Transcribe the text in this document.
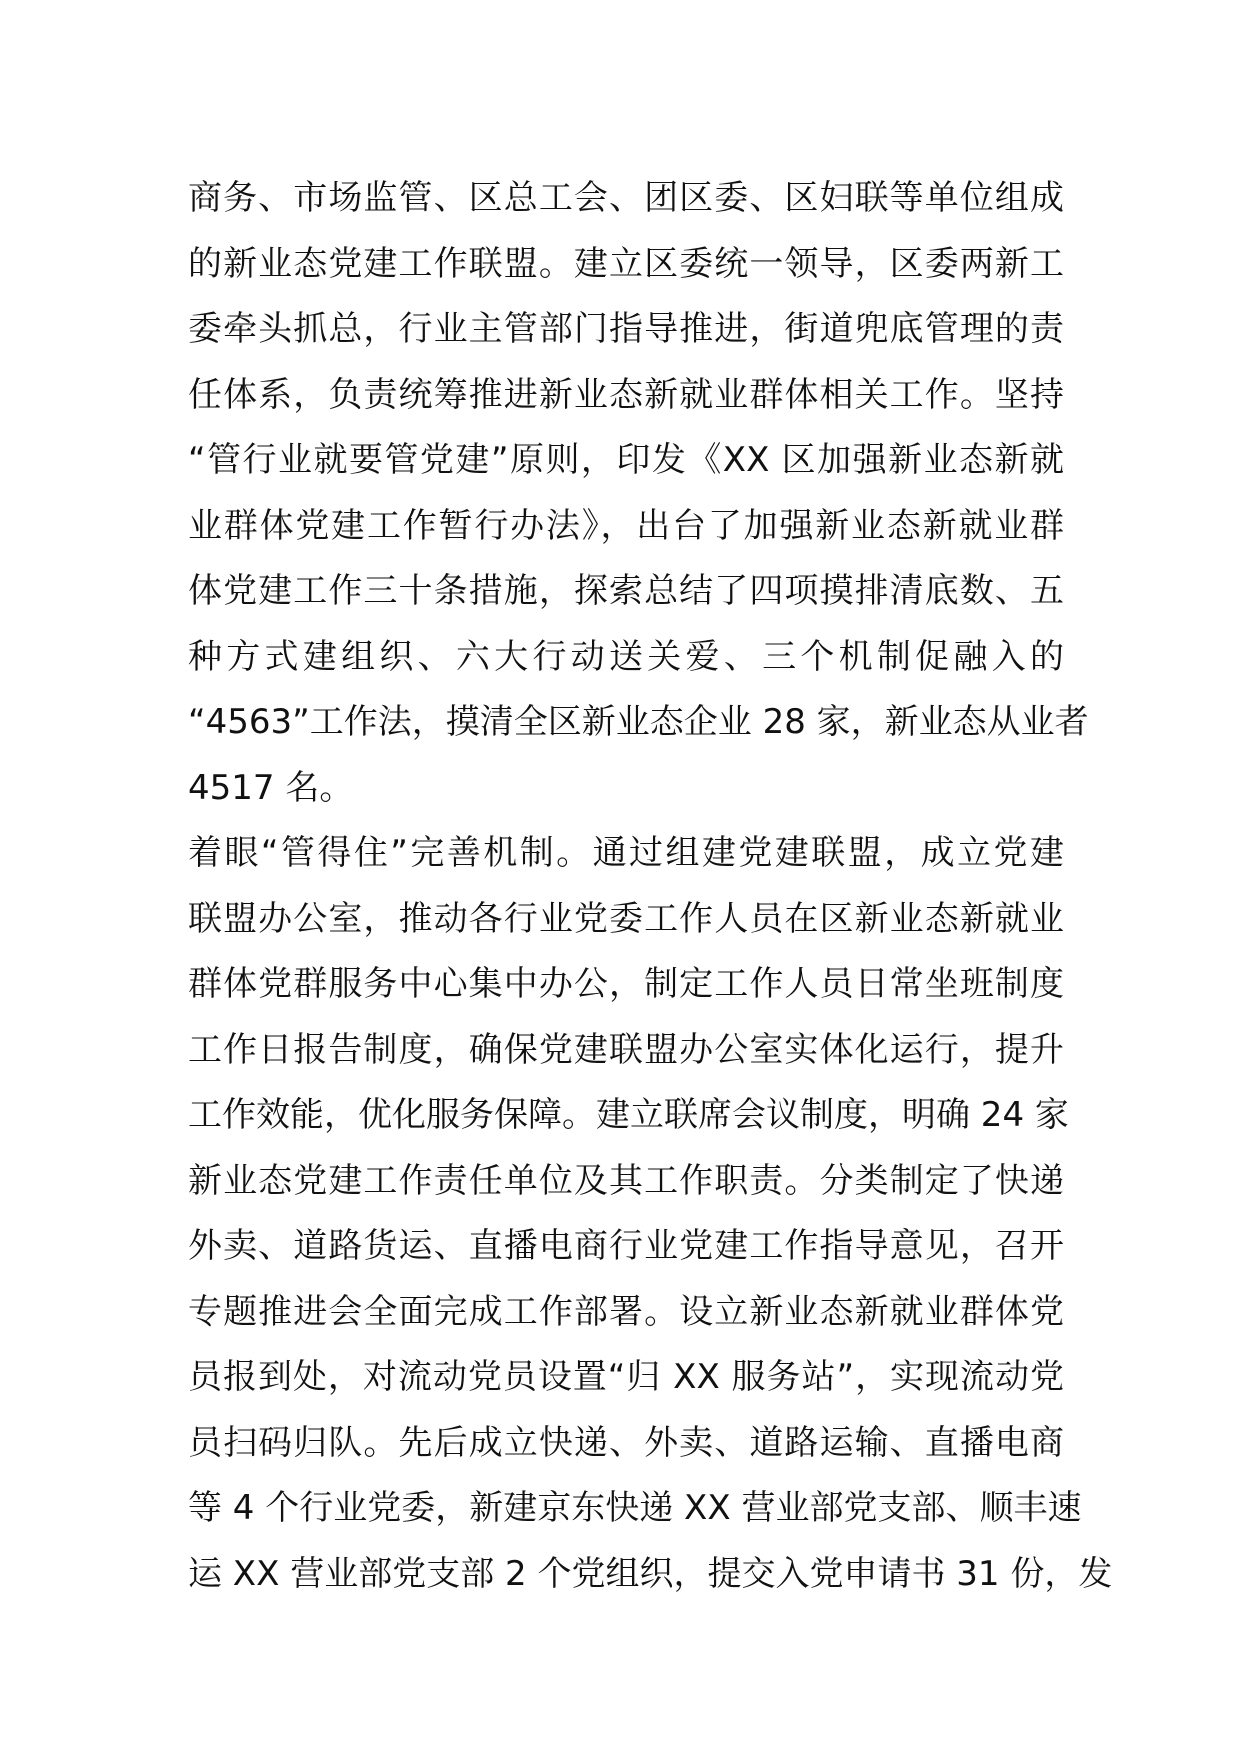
商务、市场监管、区总工会、团区委、区妇联等单位组成
的新业态党建工作联盟。建立区委统一领导，区委两新工
委牵头抓总，行业主管部门指导推进，街道兜底管理的责
任体系，负责统筹推进新业态新就业群体相关工作。坚持
“管行业就要管党建”原则，印发《XX 区加强新业态新就
业群体党建工作暂行办法》，出台了加强新业态新就业群
体党建工作三十条措施，探索总结了四项摸排清底数、五
种方式建组织、六大行动送关爱、三个机制促融入的
“4563”工作法，摸清全区新业态企业 28 家，新业态从业者
4517 名。
着眼“管得住”完善机制。通过组建党建联盟，成立党建
联盟办公室，推动各行业党委工作人员在区新业态新就业
群体党群服务中心集中办公，制定工作人员日常坐班制度
工作日报告制度，确保党建联盟办公室实体化运行，提升
工作效能，优化服务保障。建立联席会议制度，明确 24 家
新业态党建工作责任单位及其工作职责。分类制定了快递
外卖、道路货运、直播电商行业党建工作指导意见，召开
专题推进会全面完成工作部署。设立新业态新就业群体党
员报到处，对流动党员设置“归 XX 服务站”，实现流动党
员扫码归队。先后成立快递、外卖、道路运输、直播电商
等 4 个行业党委，新建京东快递 XX 营业部党支部、顺丰速
运 XX 营业部党支部 2 个党组织，提交入党申请书 31 份，发
